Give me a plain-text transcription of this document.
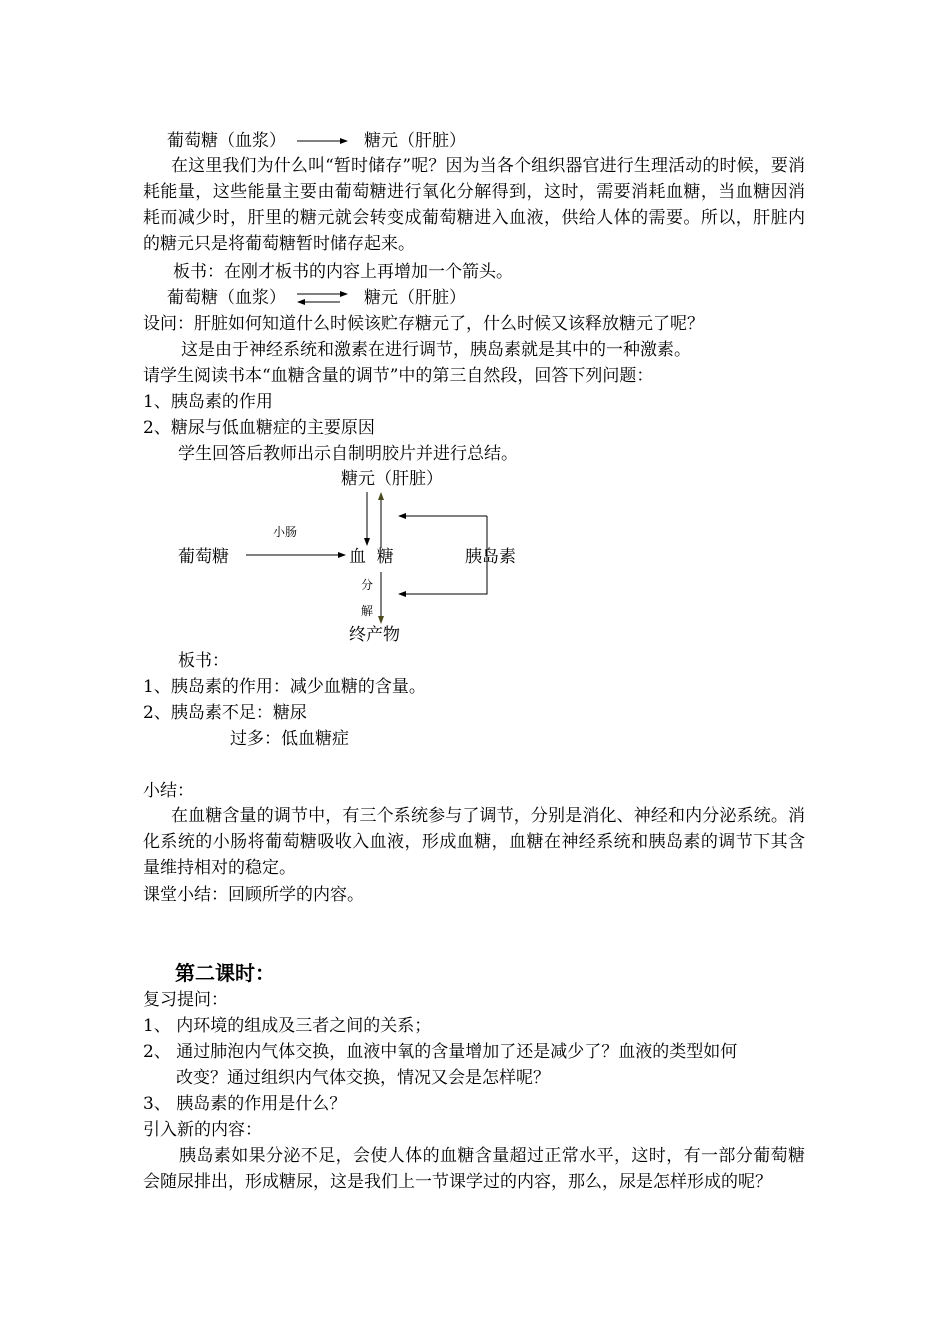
葡萄糖（血浆）	糖元（肝脏）
在这里我们为什么叫“暂时储存”呢？因为当各个组织器官进行生理活动的时候，要消耗能量，这些能量主要由葡萄糖进行氧化分解得到，这时，需要消耗血糖，当血糖因消耗而减少时，肝里的糖元就会转变成葡萄糖进入血液，供给人体的需要。所以，肝脏内的糖元只是将葡萄糖暂时储存起来。
板书：在刚才板书的内容上再增加一个箭头。
葡萄糖（血浆）	糖元（肝脏）
设问：肝脏如何知道什么时候该贮存糖元了，什么时候又该释放糖元了呢？
这是由于神经系统和激素在进行调节，胰岛素就是其中的一种激素。
请学生阅读书本“血糖含量的调节”中的第三自然段，回答下列问题：
1、胰岛素的作用
2、糖尿与低血糖症的主要原因
学生回答后教师出示自制明胶片并进行总结。
糖元（肝脏）
小肠
葡萄糖	血  糖	胰岛素
分
解
终产物
板书：
1、胰岛素的作用：减少血糖的含量。
2、胰岛素不足：糖尿
过多：低血糖症
小结：
在血糖含量的调节中，有三个系统参与了调节，分别是消化、神经和内分泌系统。消化系统的小肠将葡萄糖吸收入血液，形成血糖，血糖在神经系统和胰岛素的调节下其含量维持相对的稳定。
课堂小结：回顾所学的内容。
第二课时：
复习提问：
1、 内环境的组成及三者之间的关系；
2、 通过肺泡内气体交换，血液中氧的含量增加了还是减少了？血液的类型如何
改变？通过组织内气体交换，情况又会是怎样呢？
3、 胰岛素的作用是什么？
引入新的内容：
胰岛素如果分泌不足，会使人体的血糖含量超过正常水平，这时，有一部分葡萄糖会随尿排出，形成糖尿，这是我们上一节课学过的内容，那么，尿是怎样形成的呢？
